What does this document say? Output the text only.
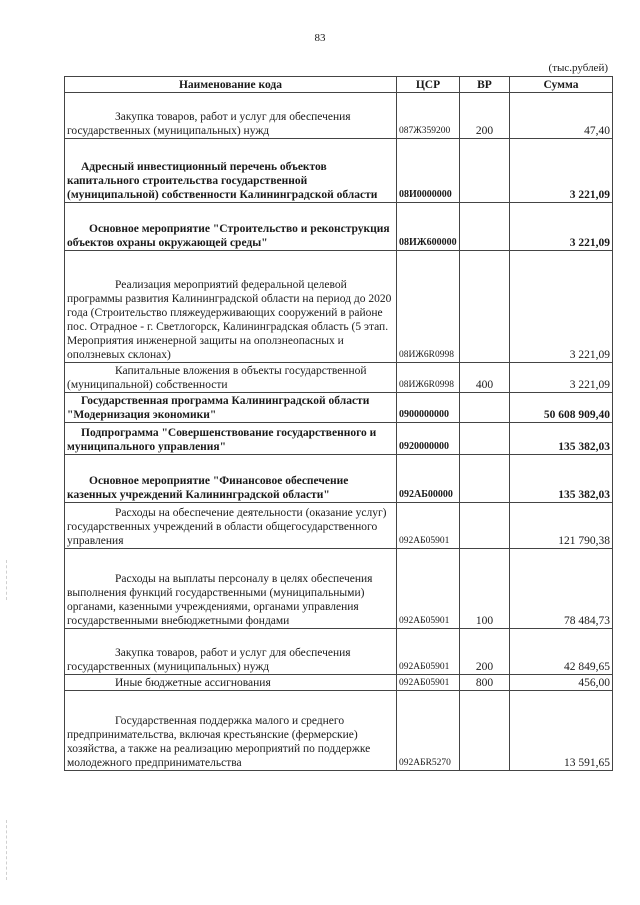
83
(тыс.рублей)
Наименование кода	ЦСР	ВР	Сумма

Закупка товаров, работ и услуг для обеспечения государственных (муниципальных) нужд	087Ж359200	200	47,40

Адресный инвестиционный перечень объектов капитального строительства государственной (муниципальной) собственности Калининградской области	08И0000000		3 221,09

Основное мероприятие "Строительство и реконструкция объектов охраны окружающей среды"	08ИЖ600000		3 221,09

Реализация мероприятий федеральной целевой программы развития Калининградской области на период до 2020 года (Строительство пляжеудерживающих сооружений в районе пос. Отрадное - г. Светлогорск, Калининградская область (5 этап. Мероприятия инженерной защиты на оползнеопасных и оползневых склонах)	08ИЖ6R0998		3 221,09

Капитальные вложения в объекты государственной (муниципальной) собственности	08ИЖ6R0998	400	3 221,09

Государственная программа Калининградской области "Модернизация экономики"	0900000000		50 608 909,40

Подпрограмма "Совершенствование государственного и муниципального управления"	0920000000		135 382,03

Основное мероприятие "Финансовое обеспечение казенных учреждений Калининградской области"	092АБ00000		135 382,03

Расходы на обеспечение деятельности (оказание услуг) государственных учреждений в области общегосударственного управления	092АБ05901		121 790,38

Расходы на выплаты персоналу в целях обеспечения выполнения функций государственными (муниципальными) органами, казенными учреждениями, органами управления государственными внебюджетными фондами	092АБ05901	100	78 484,73

Закупка товаров, работ и услуг для обеспечения государственных (муниципальных) нужд	092АБ05901	200	42 849,65

Иные бюджетные ассигнования	092АБ05901	800	456,00

Государственная поддержка малого и среднего предпринимательства, включая крестьянские (фермерские) хозяйства, а также на реализацию мероприятий по поддержке молодежного предпринимательства	092АБR5270		13 591,65
